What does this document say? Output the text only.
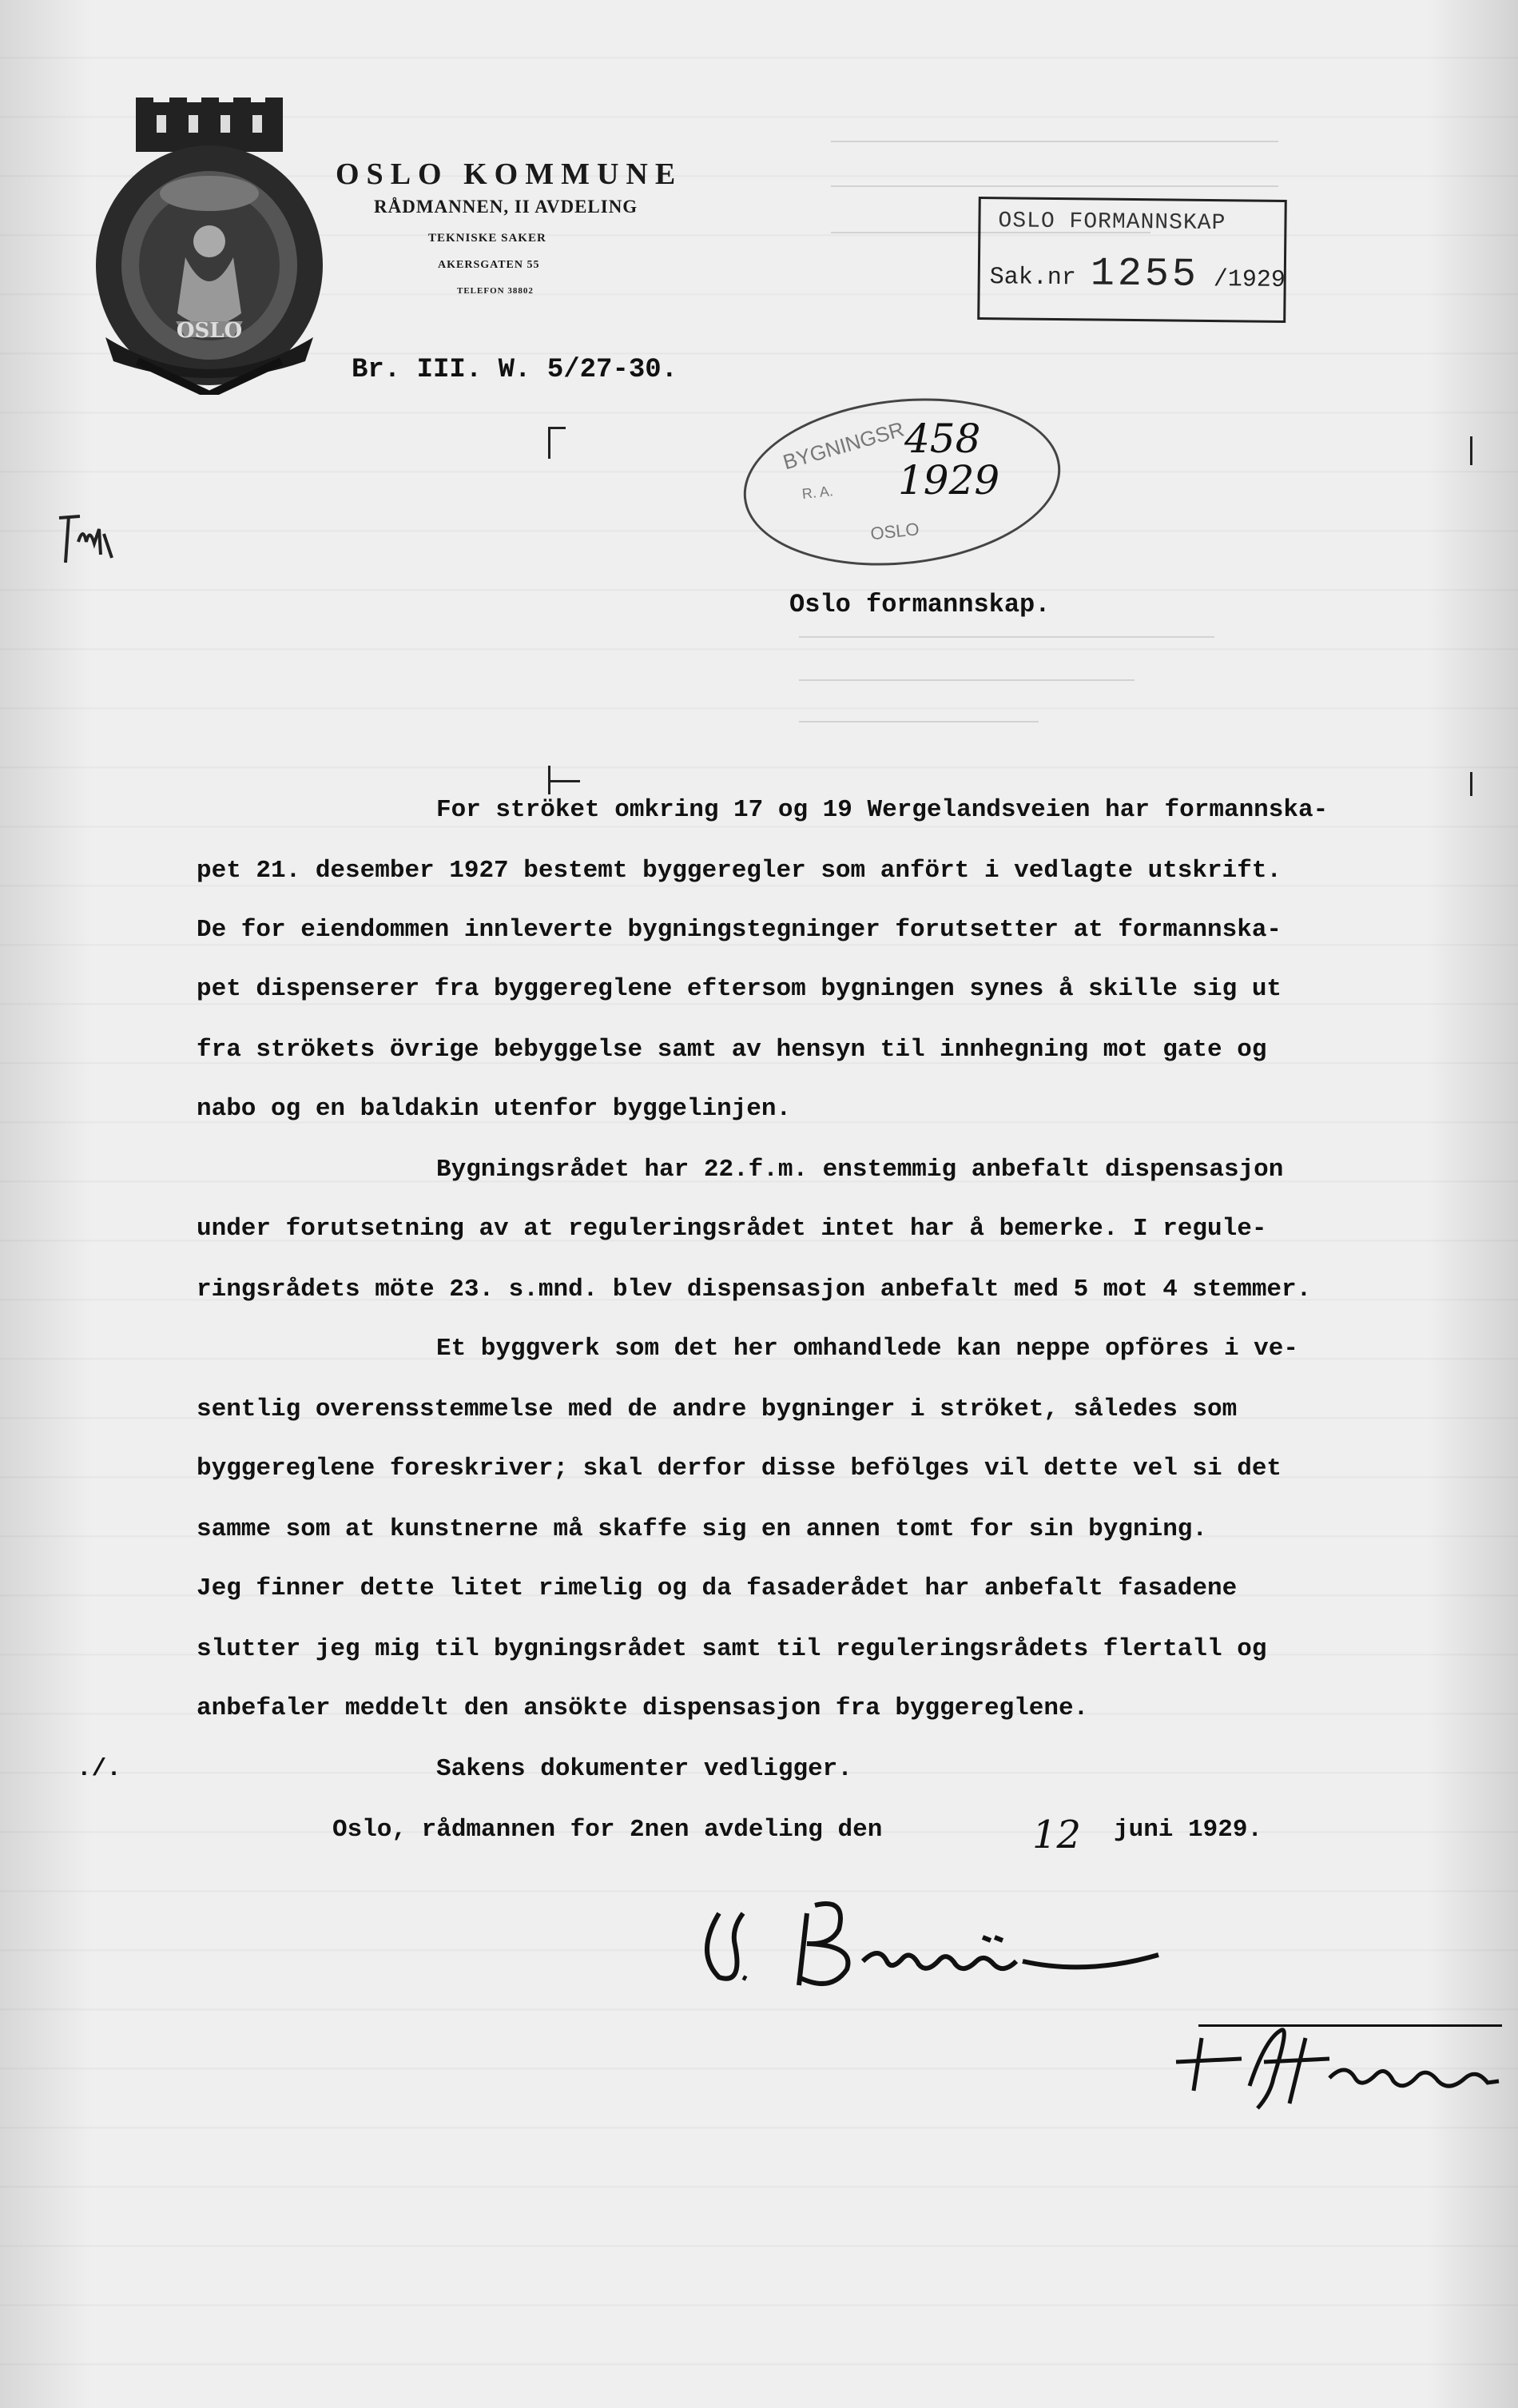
OSLO
OSLO KOMMUNE
RÅDMANNEN, II AVDELING
TEKNISKE SAKER
AKERSGATEN 55
TELEFON 38802
OSLO FORMANNSKAP
Sak.nr 1255 /1929
Br. III. W. 5/27-30.
BYGNINGSR
R. A.
OSLO
458
1929
Oslo formannskap.
For ströket omkring 17 og 19 Wergelandsveien har formannska-
pet 21. desember 1927 bestemt byggeregler som anfört i vedlagte utskrift.
De for eiendommen innleverte bygningstegninger forutsetter at formannska-
pet dispenserer fra byggereglene eftersom bygningen synes å skille sig ut
fra strökets övrige bebyggelse samt av hensyn til innhegning mot gate og
nabo og en baldakin utenfor byggelinjen.
Bygningsrådet har 22.f.m. enstemmig anbefalt dispensasjon
under forutsetning av at reguleringsrådet intet har å bemerke. I regule-
ringsrådets möte 23. s.mnd. blev dispensasjon anbefalt med 5 mot 4 stemmer.
Et byggverk som det her omhandlede kan neppe opföres i ve-
sentlig overensstemmelse med de andre bygninger i ströket, således som
byggereglene foreskriver; skal derfor disse befölges vil dette vel si det
samme som at kunstnerne må skaffe sig en annen tomt for sin bygning.
Jeg finner dette litet rimelig og da fasaderådet har anbefalt fasadene
slutter jeg mig til bygningsrådet samt til reguleringsrådets flertall og
anbefaler meddelt den ansökte dispensasjon fra byggereglene.
./.	Sakens dokumenter vedligger.
Oslo, rådmannen for 2nen avdeling den	12 juni 1929.
